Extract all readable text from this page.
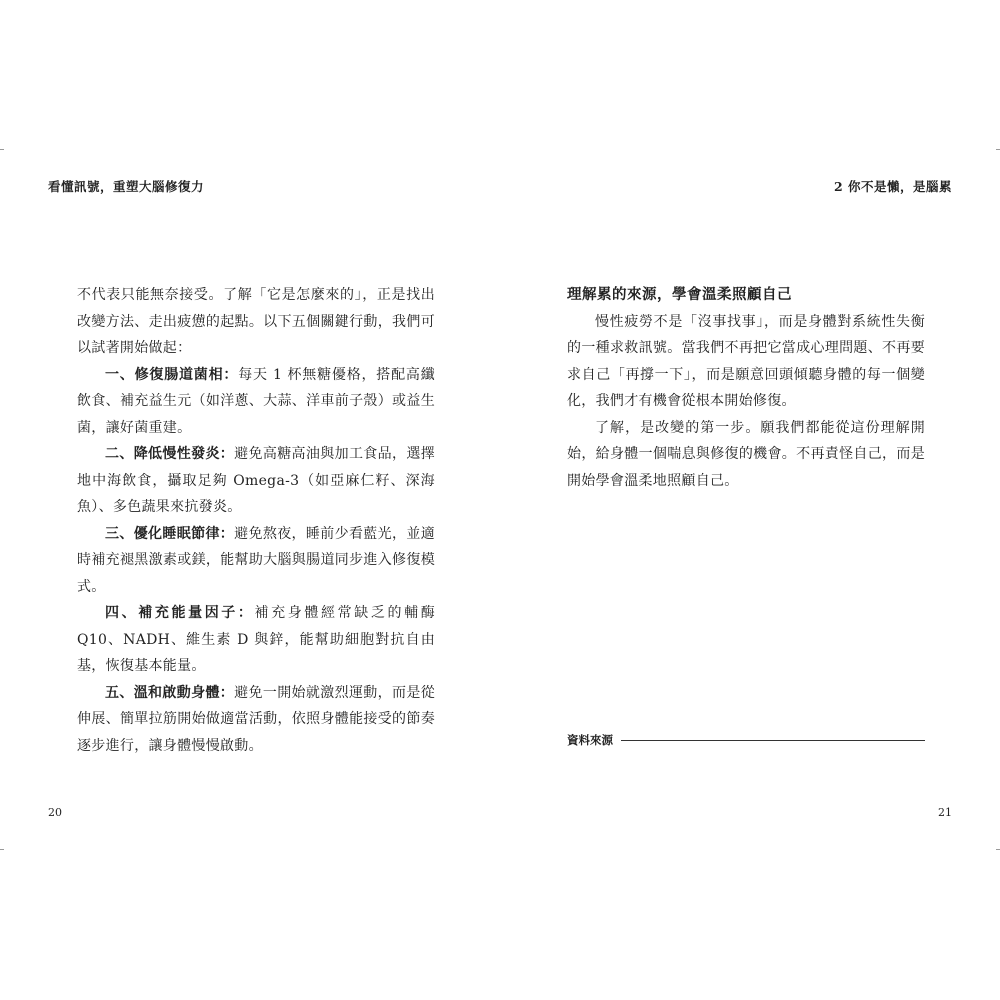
看懂訊號，重塑大腦修復力

不代表只能無奈接受。了解「它是怎麼來的」，正是找出改變方法、走出疲憊的起點。以下五個關鍵行動，我們可以試著開始做起：

一、修復腸道菌相：每天 1 杯無糖優格，搭配高纖飲食、補充益生元（如洋蔥、大蒜、洋車前子殼）或益生菌，讓好菌重建。

二、降低慢性發炎：避免高糖高油與加工食品，選擇地中海飲食，攝取足夠 Omega-3（如亞麻仁籽、深海魚）、多色蔬果來抗發炎。

三、優化睡眠節律：避免熬夜，睡前少看藍光，並適時補充褪黑激素或鎂，能幫助大腦與腸道同步進入修復模式。

四、補充能量因子：補充身體經常缺乏的輔酶 Q10、NADH、維生素 D 與鋅，能幫助細胞對抗自由基，恢復基本能量。

五、溫和啟動身體：避免一開始就激烈運動，而是從伸展、簡單拉筋開始做適當活動，依照身體能接受的節奏逐步進行，讓身體慢慢啟動。

20
2 你不是懶，是腦累
理解累的來源，學會溫柔照顧自己

慢性疲勞不是「沒事找事」，而是身體對系統性失衡的一種求救訊號。當我們不再把它當成心理問題、不再要求自己「再撐一下」，而是願意回頭傾聽身體的每一個變化，我們才有機會從根本開始修復。

了解，是改變的第一步。願我們都能從這份理解開始，給身體一個喘息與修復的機會。不再責怪自己，而是開始學會溫柔地照顧自己。

資料來源
21
